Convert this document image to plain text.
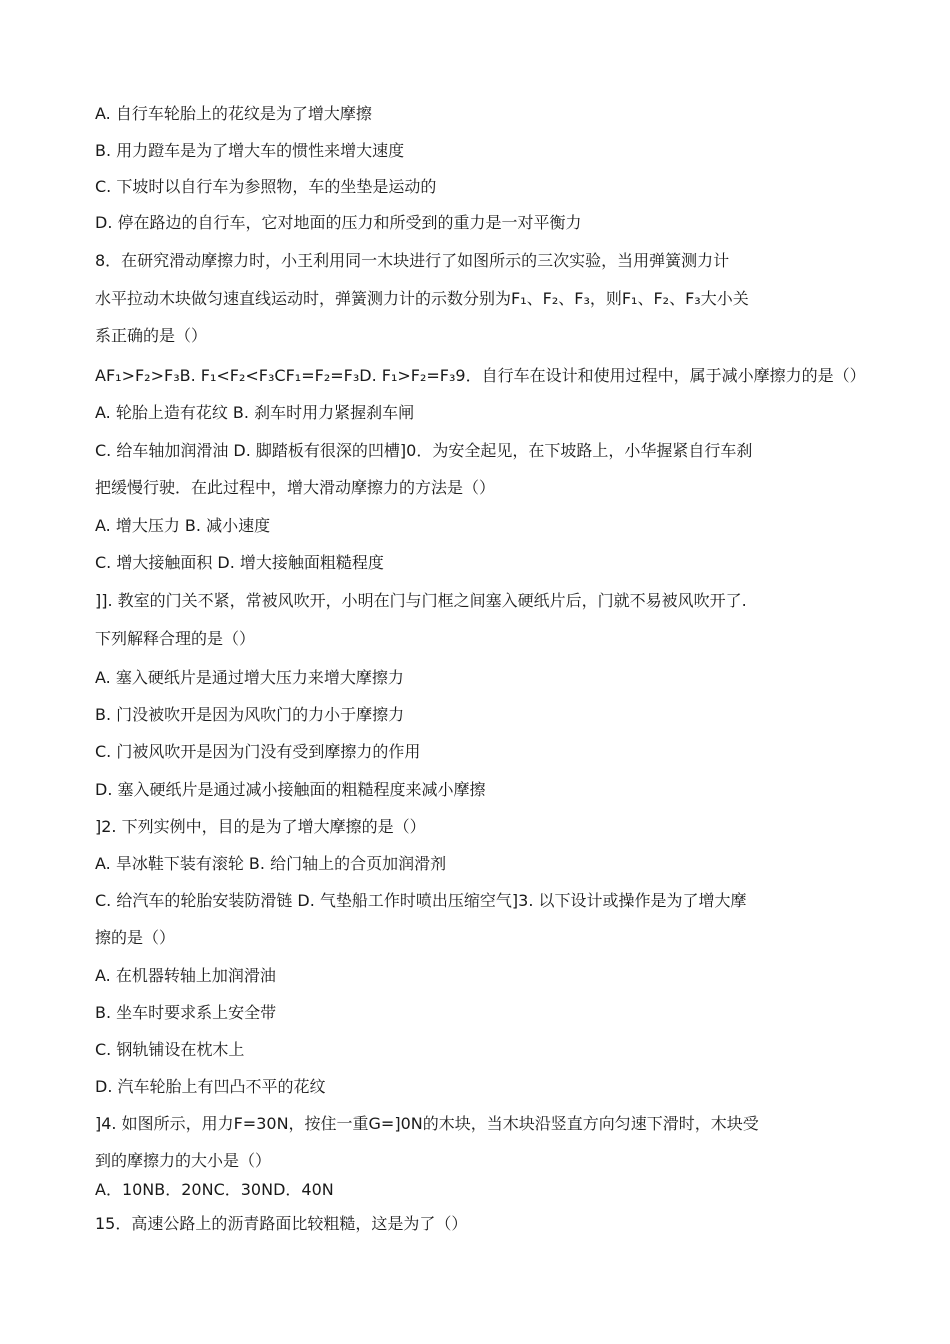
A. 自行车轮胎上的花纹是为了增大摩擦
B. 用力蹬车是为了增大车的惯性来增大速度
C. 下坡时以自行车为参照物，车的坐垫是运动的
D. 停在路边的自行车，它对地面的压力和所受到的重力是一对平衡力
8．在研究滑动摩擦力时，小王利用同一木块进行了如图所示的三次实验，当用弹簧测力计
水平拉动木块做匀速直线运动时，弹簧测力计的示数分别为F₁、F₂、F₃，则F₁、F₂、F₃大小关
系正确的是（）
AF₁>F₂>F₃B. F₁<F₂<F₃CF₁=F₂=F₃D. F₁>F₂=F₃9．自行车在设计和使用过程中，属于减小摩擦力的是（）
A. 轮胎上造有花纹 B. 刹车时用力紧握刹车闸
C. 给车轴加润滑油 D. 脚踏板有很深的凹槽]0．为安全起见，在下坡路上，小华握紧自行车刹
把缓慢行驶．在此过程中，增大滑动摩擦力的方法是（）
A. 增大压力 B. 减小速度
C. 增大接触面积 D. 增大接触面粗糙程度
]]. 教室的门关不紧，常被风吹开，小明在门与门框之间塞入硬纸片后，门就不易被风吹开了.
下列解释合理的是（）
A. 塞入硬纸片是通过增大压力来增大摩擦力
B. 门没被吹开是因为风吹门的力小于摩擦力
C. 门被风吹开是因为门没有受到摩擦力的作用
D. 塞入硬纸片是通过减小接触面的粗糙程度来减小摩擦
]2. 下列实例中，目的是为了增大摩擦的是（）
A. 旱冰鞋下装有滚轮 B. 给门轴上的合页加润滑剂
C. 给汽车的轮胎安装防滑链 D. 气垫船工作时喷出压缩空气]3. 以下设计或操作是为了增大摩
擦的是（）
A. 在机器转轴上加润滑油
B. 坐车时要求系上安全带
C. 钢轨铺设在枕木上
D. 汽车轮胎上有凹凸不平的花纹
]4. 如图所示，用力F=30N，按住一重G=]0N的木块，当木块沿竖直方向匀速下滑时，木块受
到的摩擦力的大小是（）
A．10NB．20NC．30ND．40N
15．高速公路上的沥青路面比较粗糙，这是为了（）
